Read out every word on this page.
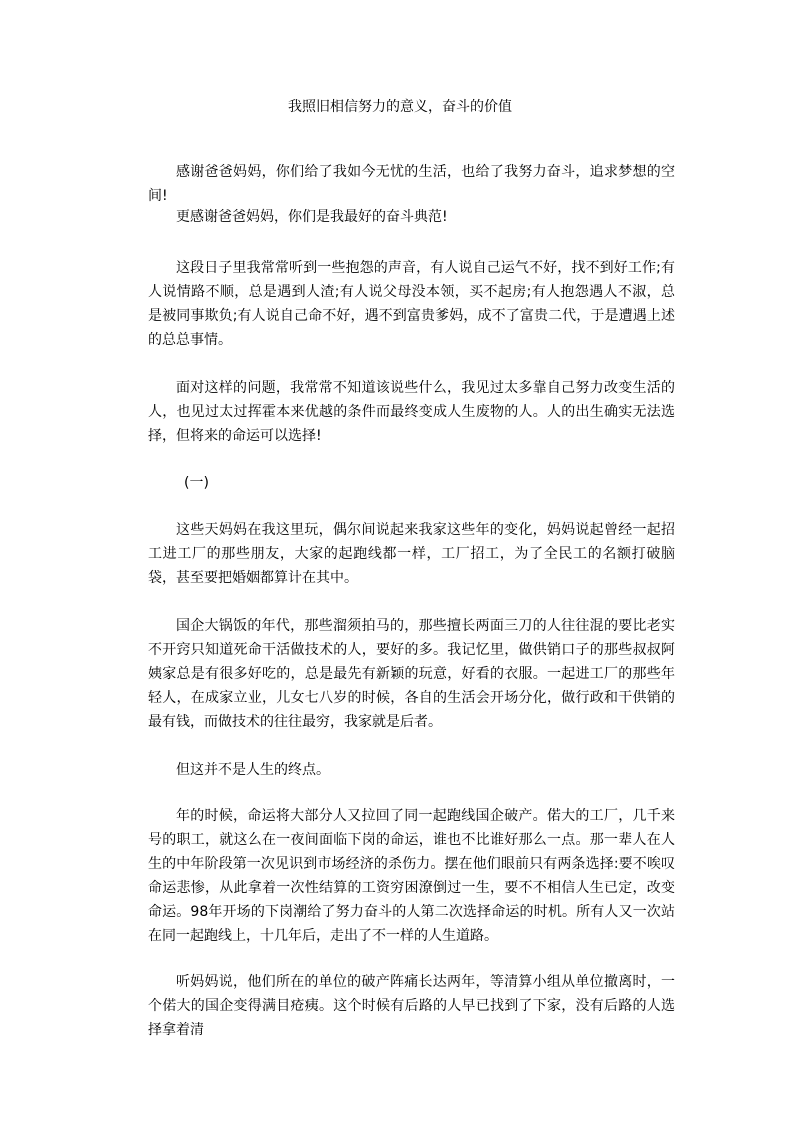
我照旧相信努力的意义，奋斗的价值

感谢爸爸妈妈，你们给了我如今无忧的生活，也给了我努力奋斗，追求梦想的空间!

更感谢爸爸妈妈，你们是我最好的奋斗典范!

这段日子里我常常听到一些抱怨的声音，有人说自己运气不好，找不到好工作;有人说情路不顺，总是遇到人渣;有人说父母没本领，买不起房;有人抱怨遇人不淑，总是被同事欺负;有人说自己命不好，遇不到富贵爹妈，成不了富贵二代，于是遭遇上述的总总事情。

面对这样的问题，我常常不知道该说些什么，我见过太多靠自己努力改变生活的人，也见过太过挥霍本来优越的条件而最终变成人生废物的人。人的出生确实无法选择，但将来的命运可以选择!

(一)

这些天妈妈在我这里玩，偶尔间说起来我家这些年的变化，妈妈说起曾经一起招工进工厂的那些朋友，大家的起跑线都一样，工厂招工，为了全民工的名额打破脑袋，甚至要把婚姻都算计在其中。

国企大锅饭的年代，那些溜须拍马的，那些擅长两面三刀的人往往混的要比老实不开窍只知道死命干活做技术的人，要好的多。我记忆里，做供销口子的那些叔叔阿姨家总是有很多好吃的，总是最先有新颖的玩意，好看的衣服。一起进工厂的那些年轻人，在成家立业，儿女七八岁的时候，各自的生活会开场分化，做行政和干供销的最有钱，而做技术的往往最穷，我家就是后者。

但这并不是人生的终点。

年的时候，命运将大部分人又拉回了同一起跑线国企破产。偌大的工厂，几千来号的职工，就这么在一夜间面临下岗的命运，谁也不比谁好那么一点。那一辈人在人生的中年阶段第一次见识到市场经济的杀伤力。摆在他们眼前只有两条选择:要不唉叹命运悲惨，从此拿着一次性结算的工资穷困潦倒过一生，要不不相信人生已定，改变命运。98年开场的下岗潮给了努力奋斗的人第二次选择命运的时机。所有人又一次站在同一起跑线上，十几年后，走出了不一样的人生道路。

听妈妈说，他们所在的单位的破产阵痛长达两年，等清算小组从单位撤离时，一个偌大的国企变得满目疮痍。这个时候有后路的人早已找到了下家，没有后路的人选择拿着清
